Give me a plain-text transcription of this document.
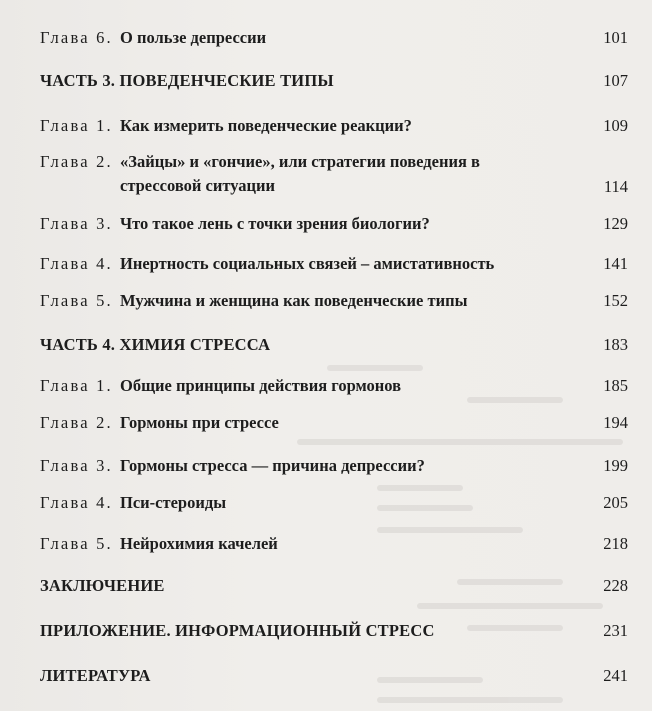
Глава 6. О пользе депрессии	101
ЧАСТЬ 3. ПОВЕДЕНЧЕСКИЕ ТИПЫ	107
Глава 1. Как измерить поведенческие реакции?	109
Глава 2. «Зайцы» и «гончие», или стратегии поведения в
стрессовой ситуации	114
Глава 3. Что такое лень с точки зрения биологии?	129
Глава 4. Инертность социальных связей – амистативность	141
Глава 5. Мужчина и женщина как поведенческие типы	152
ЧАСТЬ 4. ХИМИЯ СТРЕССА	183
Глава 1. Общие принципы действия гормонов	185
Глава 2. Гормоны при стрессе	194
Глава 3. Гормоны стресса — причина депрессии?	199
Глава 4. Пси-стероиды	205
Глава 5. Нейрохимия качелей	218
ЗАКЛЮЧЕНИЕ	228
ПРИЛОЖЕНИЕ. ИНФОРМАЦИОННЫЙ СТРЕСС	231
ЛИТЕРАТУРА	241
